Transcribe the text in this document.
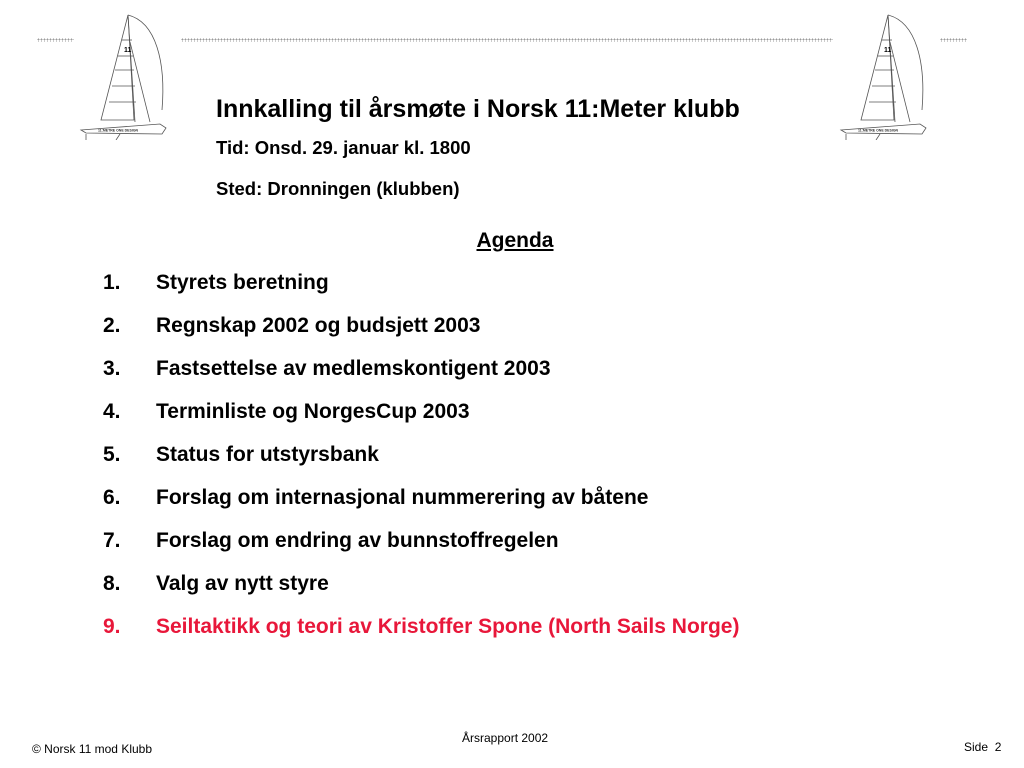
11
11:METRE ONE DESIGN
11
11:METRE ONE DESIGN
Innkalling til årsmøte i Norsk 11:Meter klubb
Tid: Onsd. 29. januar kl. 1800
Sted: Dronningen (klubben)
Agenda
1. Styrets beretning
2. Regnskap 2002 og budsjett 2003
3. Fastsettelse av medlemskontigent 2003
4. Terminliste og NorgesCup 2003
5. Status for utstyrsbank
6. Forslag om internasjonal nummerering av båtene
7. Forslag om endring av bunnstoffregelen
8. Valg av nytt styre
9. Seiltaktikk og teori av Kristoffer Spone (North Sails Norge)
© Norsk 11 mod Klubb
Årsrapport 2002
Side 2
